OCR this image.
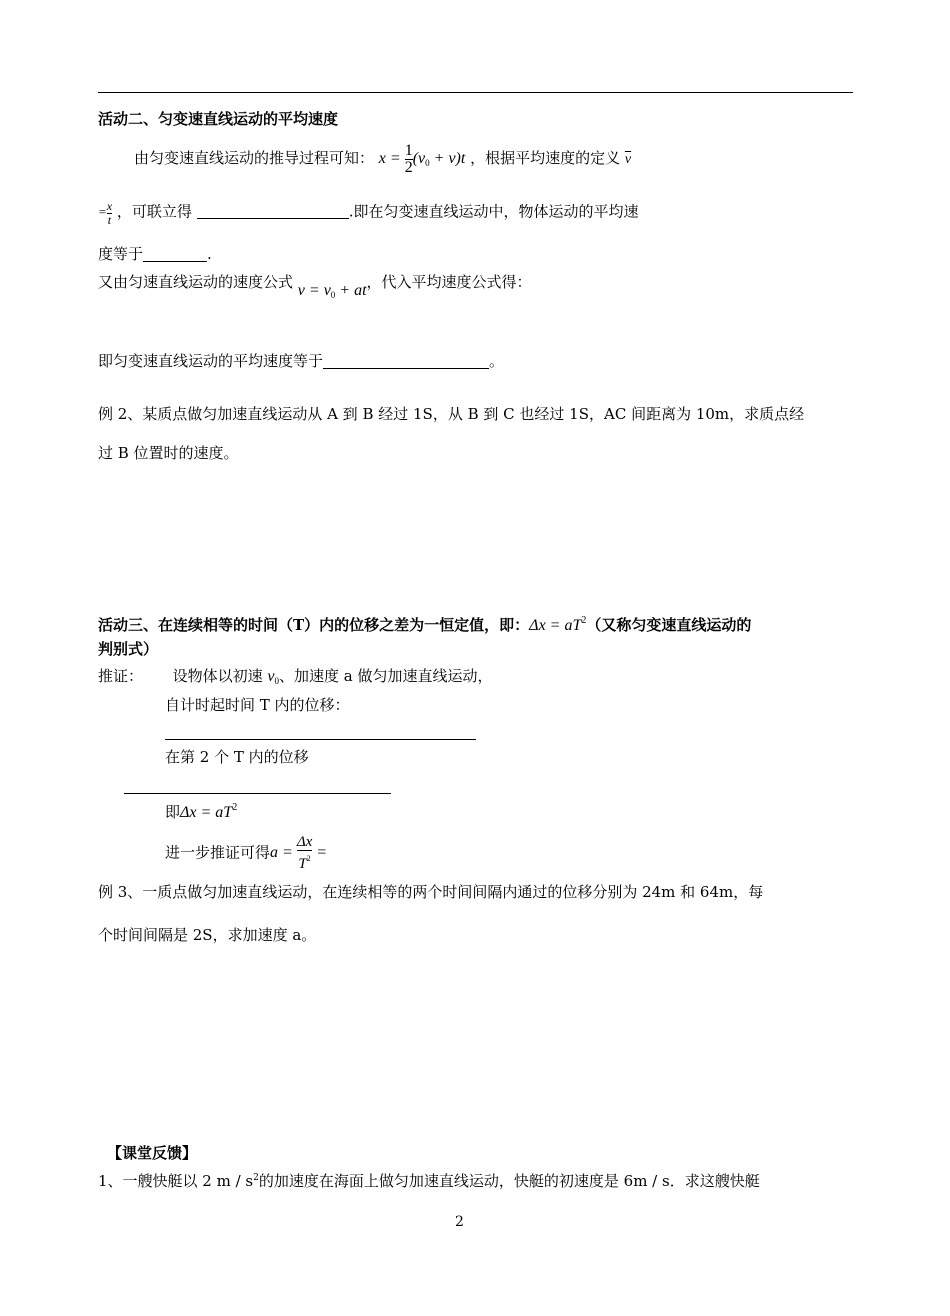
活动二、匀变速直线运动的平均速度
由匀变速直线运动的推导过程可知： $x = \frac{1}{2} (v0 + v)t$ ，根据平均速度的定义 $\overline{v}$
= $\frac{x}{t}$ ，可联立得	.即在匀变速直线运动中，物体运动的平均速
度等于	.
又由匀速直线运动的速度公式 v = v0 + at，代入平均速度公式得：
即匀变速直线运动的平均速度等于	。
例 2、某质点做匀加速直线运动从 A 到 B 经过 1S，从 B 到 C 也经过 1S，AC 间距离为 10m，求质点经
过 B 位置时的速度。
活动三、在连续相等的时间（T）内的位移之差为一恒定值，即：$\Delta x = aT^2$（又称匀变速直线运动的
判别式）
推证： 设物体以初速 v0、加速度 a 做匀加速直线运动，
自计时起时间 T 内的位移：
在第 2 个 T 内的位移
即$\Delta x = aT^2$
进一步推证可得$a = \frac{\Delta x}{T^2}$ =
例 3、一质点做匀加速直线运动，在连续相等的两个时间间隔内通过的位移分别为 24m 和 64m，每
个时间间隔是 2S，求加速度 a。
【课堂反馈】
1、一艘快艇以 2 m / $s^2$的加速度在海面上做匀加速直线运动，快艇的初速度是 6m / s．求这艘快艇
2
